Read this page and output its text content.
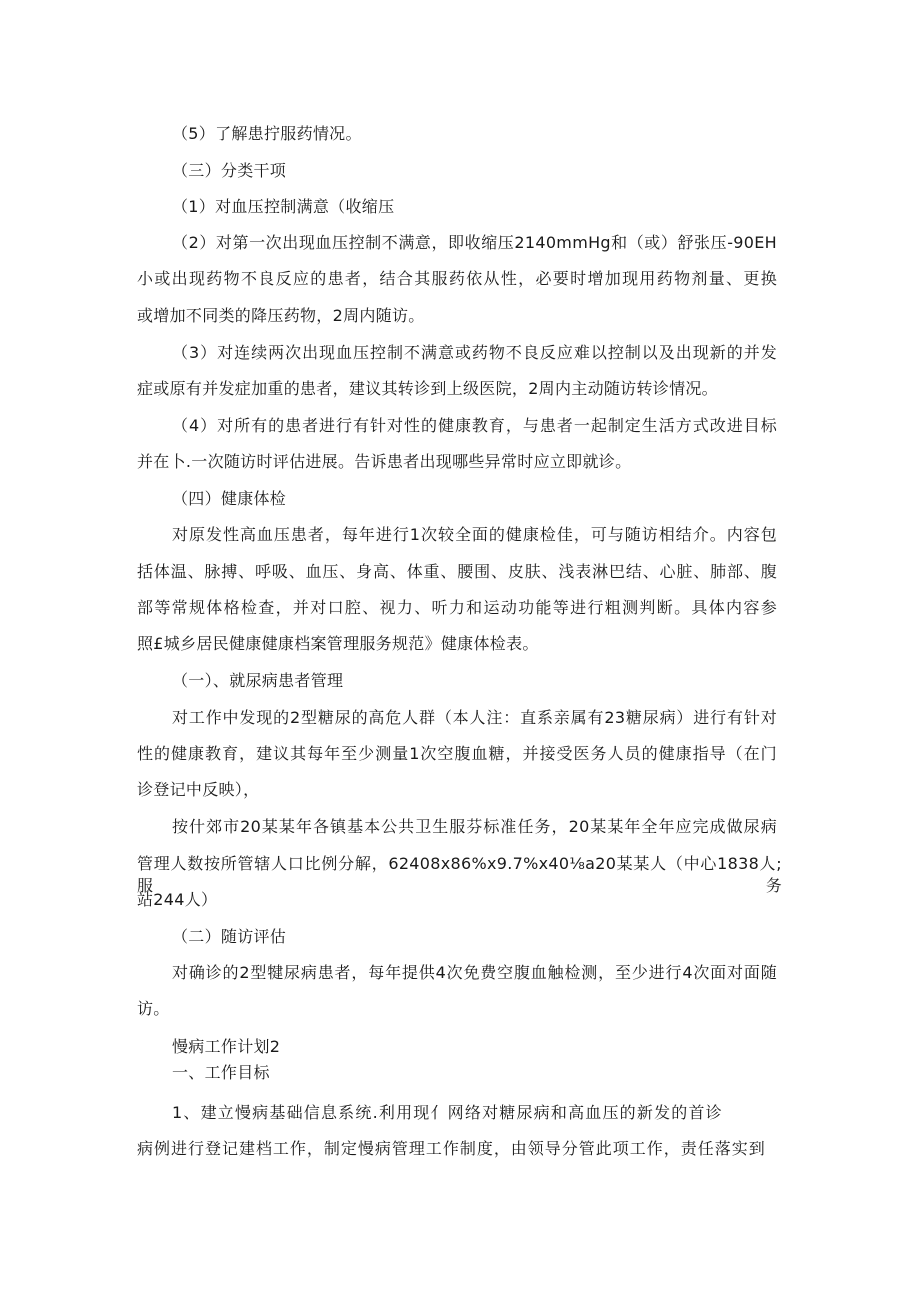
（5）了解患拧服药情况。
（三）分类干项
（1）对血压控制满意（收缩压
（2）对第一次出现血压控制不满意，即收缩压2140mmHg和（或）舒张压-90EH
小或出现药物不良反应的患者，结合其服药依从性，必要时增加现用药物剂量、更换
或增加不同类的降压药物，2周内随访。
（3）对连续两次出现血压控制不满意或药物不良反应难以控制以及出现新的并发
症或原有并发症加重的患者，建议其转诊到上级医院，2周内主动随访转诊情况。
（4）对所有的患者进行有针对性的健康教育，与患者一起制定生活方式改进目标
并在卜.一次随访时评估进展。告诉患者出现哪些异常时应立即就诊。
（四）健康体检
对原发性高血压患者，每年进行1次较全面的健康检佳，可与随访相结介。内容包
括体温、脉搏、呼吸、血压、身高、体重、腰围、皮肤、浅表淋巴结、心脏、肺部、腹
部等常规体格检查，并对口腔、视力、听力和运动功能等进行粗测判断。具体内容参
照£城乡居民健康健康档案管理服务规范》健康体检表。
（一）、就尿病患者管理
对工作中发现的2型糖尿的高危人群（本人注：直系亲属有23糖尿病）进行有针对
性的健康教育，建议其每年至少测量1次空腹血糖，并接受医务人员的健康指导（在门
诊登记中反映），
按什郊市20某某年各镇基本公共卫生服芬标准任务，20某某年全年应完成做尿病
管理人数按所管辖人口比例分解，62408x86%x9.7%x40⅛a20某某人（中心1838人;服务
站244人）
（二）随访评估
对确诊的2型犍尿病患者，每年提供4次免费空腹血触检测，至少进行4次面对面随
访。
慢病工作计划2
一、工作目标
1、建立慢病基础信息系统.利用现亻网络对糖尿病和高血压的新发的首诊
病例进行登记建档工作，制定慢病管理工作制度，由领导分管此项工作，责任落实到
